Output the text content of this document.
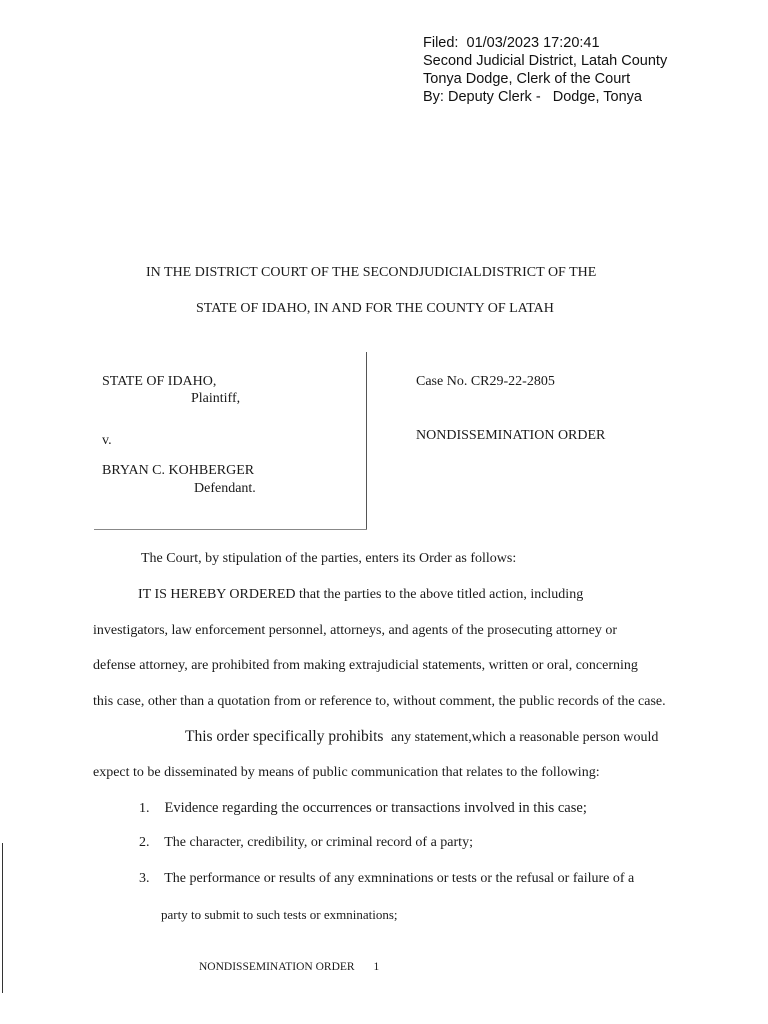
Filed:  01/03/2023 17:20:41
Second Judicial District, Latah County
Tonya Dodge, Clerk of the Court
By: Deputy Clerk -   Dodge, Tonya
IN THE DISTRICT COURT OF THE SECONDJUDICIALDISTRICT OF THE
STATE OF IDAHO, IN AND FOR THE COUNTY OF LATAH
STATE OF IDAHO,
Plaintiff,
v.
BRYAN C. KOHBERGER
Defendant.
Case No. CR29-22-2805
NONDISSEMINATION ORDER
The Court, by stipulation of the parties, enters its Order as follows:
IT IS HEREBY ORDERED that the parties to the above titled action, including
investigators, law enforcement personnel, attorneys, and agents of the prosecuting attorney or
defense attorney, are prohibited from making extrajudicial statements, written or oral, concerning
this case, other than a quotation from or reference to, without comment, the public records of the case.
This order specifically prohibits any statement,which a reasonable person would
expect to be disseminated by means of public communication that relates to the following:
1. Evidence regarding the occurrences or transactions involved in this case;
2. The character, credibility, or criminal record of a party;
3. The performance or results of any exmninations or tests or the refusal or failure of a
party to submit to such tests or exmninations;
NONDISSEMINATION ORDER 1
